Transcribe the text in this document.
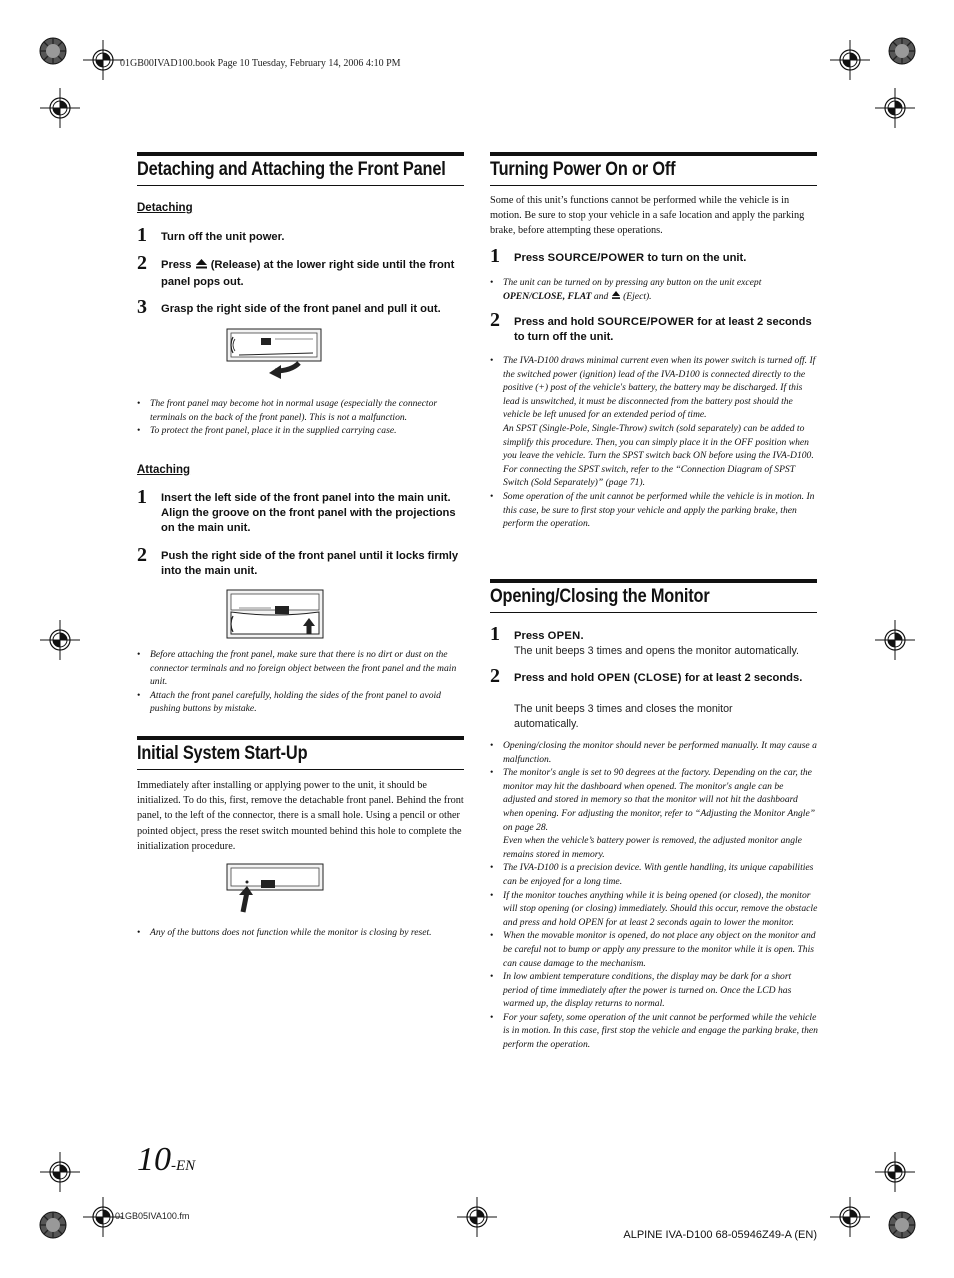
01GB00IVAD100.book Page 10 Tuesday, February 14, 2006 4:10 PM
Detaching and Attaching the Front Panel
Detaching
1 Turn off the unit power.
2 Press  (Release) at the lower right side until the front panel pops out.
3 Grasp the right side of the front panel and pull it out.
• The front panel may become hot in normal usage (especially the connector terminals on the back of the front panel). This is not a malfunction.
• To protect the front panel, place it in the supplied carrying case.
Attaching
1 Insert the left side of the front panel into the main unit. Align the groove on the front panel with the projections on the main unit.
2 Push the right side of the front panel until it locks firmly into the main unit.
• Before attaching the front panel, make sure that there is no dirt or dust on the connector terminals and no foreign object between the front panel and the main unit.
• Attach the front panel carefully, holding the sides of the front panel to avoid pushing buttons by mistake.
Initial System Start-Up
Immediately after installing or applying power to the unit, it should be initialized. To do this, first, remove the detachable front panel. Behind the front panel, to the left of the connector, there is a small hole. Using a pencil or other pointed object, press the reset switch mounted behind this hole to complete the initialization procedure.
• Any of the buttons does not function while the monitor is closing by reset.
Turning Power On or Off
Some of this unit’s functions cannot be performed while the vehicle is in motion. Be sure to stop your vehicle in a safe location and apply the parking brake, before attempting these operations.
1 Press SOURCE/POWER to turn on the unit.
• The unit can be turned on by pressing any button on the unit except OPEN/CLOSE, FLAT and  (Eject).
2 Press and hold SOURCE/POWER for at least 2 seconds to turn off the unit.
• The IVA-D100 draws minimal current even when its power switch is turned off. If the switched power (ignition) lead of the IVA-D100 is connected directly to the positive (+) post of the vehicle's battery, the battery may be discharged. If this lead is unswitched, it must be disconnected from the battery post should the vehicle be left unused for an extended period of time.
An SPST (Single-Pole, Single-Throw) switch (sold separately) can be added to simplify this procedure. Then, you can simply place it in the OFF position when you leave the vehicle. Turn the SPST switch back ON before using the IVA-D100. For connecting the SPST switch, refer to the “Connection Diagram of SPST Switch (Sold Separately)” (page 71).
• Some operation of the unit cannot be performed while the vehicle is in motion. In this case, be sure to first stop your vehicle and apply the parking brake, then perform the operation.
Opening/Closing the Monitor
1 Press OPEN.
The unit beeps 3 times and opens the monitor automatically.
2 Press and hold OPEN (CLOSE) for at least 2 seconds.
The unit beeps 3 times and closes the monitor automatically.
• Opening/closing the monitor should never be performed manually. It may cause a malfunction.
• The monitor's angle is set to 90 degrees at the factory. Depending on the car, the monitor may hit the dashboard when opened. The monitor's angle can be adjusted and stored in memory so that the monitor will not hit the dashboard when opening. For adjusting the monitor, refer to “Adjusting the Monitor Angle” on page 28.
Even when the vehicle’s battery power is removed, the adjusted monitor angle remains stored in memory.
• The IVA-D100 is a precision device. With gentle handling, its unique capabilities can be enjoyed for a long time.
• If the monitor touches anything while it is being opened (or closed), the monitor will stop opening (or closing) immediately. Should this occur, remove the obstacle and press and hold OPEN for at least 2 seconds again to lower the monitor.
• When the movable monitor is opened, do not place any object on the monitor and be careful not to bump or apply any pressure to the monitor while it is open. This can cause damage to the mechanism.
• In low ambient temperature conditions, the display may be dark for a short period of time immediately after the power is turned on. Once the LCD has warmed up, the display returns to normal.
• For your safety, some operation of the unit cannot be performed while the vehicle is in motion. In this case, first stop the vehicle and engage the parking brake, then perform the operation.
10-EN
01GB05IVA100.fm
ALPINE IVA-D100 68-05946Z49-A (EN)
